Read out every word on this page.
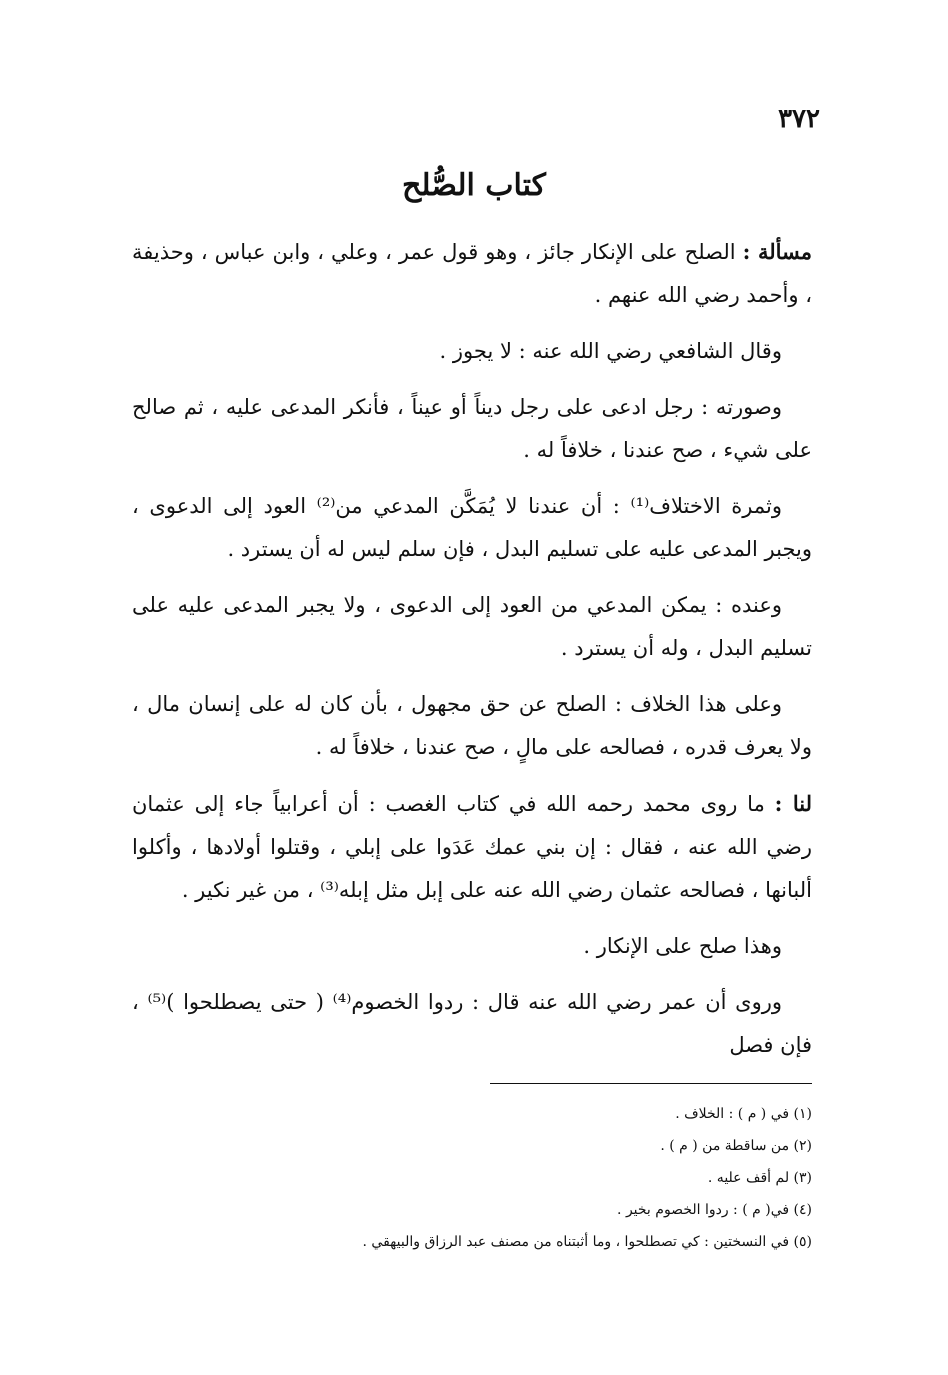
٣٧٢
كتاب الصُّلح

مسألة : الصلح على الإنكار جائز ، وهو قول عمر ، وعلي ، وابن عباس ، وحذيفة ، وأحمد رضي الله عنهم .

وقال الشافعي رضي الله عنه : لا يجوز .

وصورته : رجل ادعى على رجل ديناً أو عيناً ، فأنكر المدعى عليه ، ثم صالح على شيء ، صح عندنا ، خلافاً له .

وثمرة الاختلاف⁽¹⁾ : أن عندنا لا يُمَكَّن المدعي من⁽²⁾ العود إلى الدعوى ، ويجبر المدعى عليه على تسليم البدل ، فإن سلم ليس له أن يسترد .

وعنده : يمكن المدعي من العود إلى الدعوى ، ولا يجبر المدعى عليه على تسليم البدل ، وله أن يسترد .

وعلى هذا الخلاف : الصلح عن حق مجهول ، بأن كان له على إنسان مال ، ولا يعرف قدره ، فصالحه على مالٍ ، صح عندنا ، خلافاً له .

لنا : ما روى محمد رحمه الله في كتاب الغصب : أن أعرابياً جاء إلى عثمان رضي الله عنه ، فقال : إن بني عمك عَدَوا على إبلي ، وقتلوا أولادها ، وأكلوا ألبانها ، فصالحه عثمان رضي الله عنه على إبل مثل إبله⁽³⁾ ، من غير نكير .

وهذا صلح على الإنكار .

وروى أن عمر رضي الله عنه قال : ردوا الخصوم⁽⁴⁾ ( حتى يصطلحوا )⁽⁵⁾ ، فإن فصل

(١) في ( م ) : الخلاف .

(٢) من ساقطة من ( م ) .

(٣) لم أقف عليه .

(٤) في( م ) : ردوا الخصوم بخير .

(٥) في النسختين : كي تصطلحوا ، وما أثبتناه من مصنف عبد الرزاق والبيهقي .
